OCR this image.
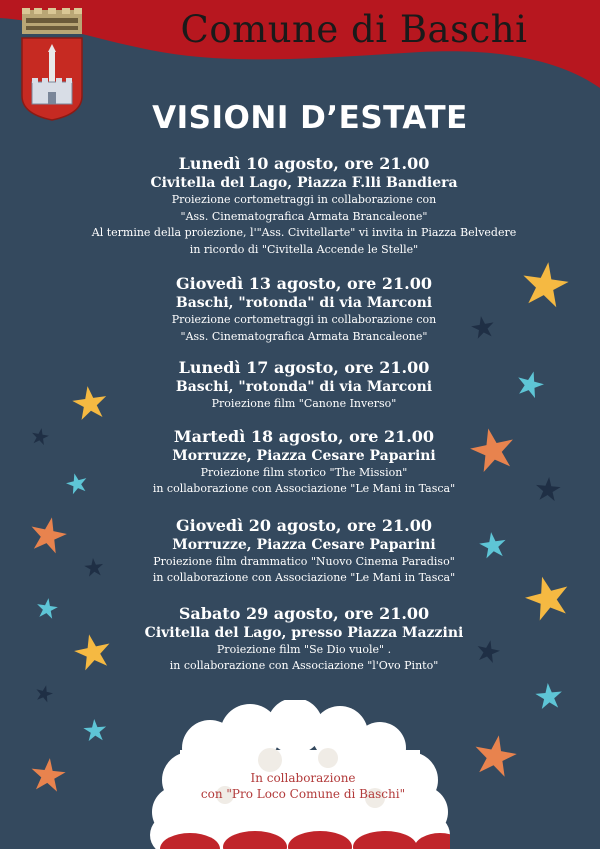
Comune di Baschi
VISIONI D’ESTATE
Lunedì 10 agosto, ore 21.00
Civitella del Lago, Piazza F.lli Bandiera
Proiezione cortometraggi in collaborazione con
"Ass. Cinematografica Armata Brancaleone"
Al termine della proiezione, l'"Ass. Civitellarte" vi invita in Piazza Belvedere
in ricordo di "Civitella Accende le Stelle"
Giovedì 13 agosto, ore 21.00
Baschi, "rotonda" di via Marconi
Proiezione cortometraggi in collaborazione con
"Ass. Cinematografica Armata Brancaleone"
Lunedì 17 agosto, ore 21.00
Baschi, "rotonda" di via Marconi
Proiezione film "Canone Inverso"
Martedì 18 agosto, ore 21.00
Morruzze, Piazza Cesare Paparini
Proiezione film storico "The Mission"
in collaborazione con Associazione "Le Mani in Tasca"
Giovedì 20 agosto, ore 21.00
Morruzze, Piazza Cesare Paparini
Proiezione film drammatico "Nuovo Cinema Paradiso"
in collaborazione con Associazione "Le Mani in Tasca"
Sabato 29 agosto, ore 21.00
Civitella del Lago, presso Piazza Mazzini
Proiezione film "Se Dio vuole" .
in collaborazione con Associazione "l'Ovo Pinto"
In collaborazione
con "Pro Loco Comune di Baschi"
